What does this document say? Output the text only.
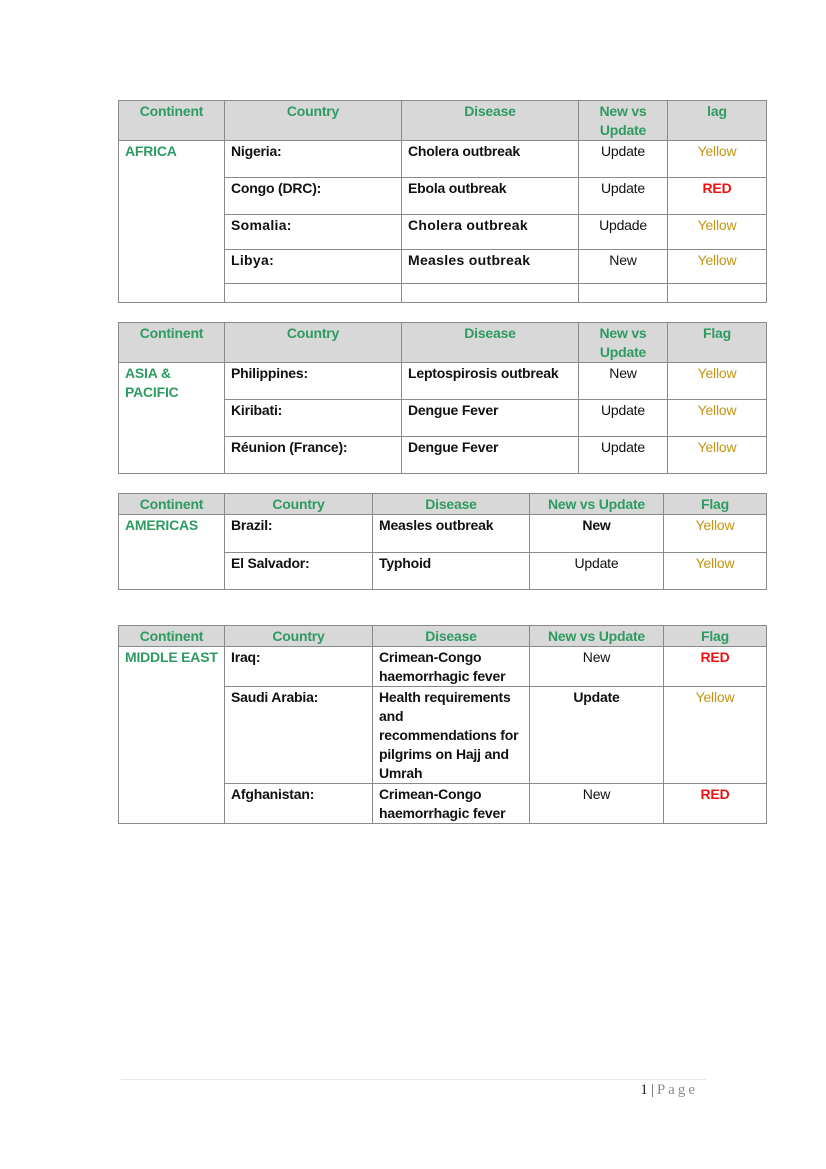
Continent	Country	Disease	New vs Update	lag
AFRICA	Nigeria:	Cholera outbreak	Update	Yellow
	Congo (DRC):	Ebola outbreak	Update	RED
	Somalia:	Cholera outbreak	Updade	Yellow
	Libya:	Measles outbreak	New	Yellow

Continent	Country	Disease	New vs Update	Flag
ASIA & PACIFIC	Philippines:	Leptospirosis outbreak	New	Yellow
	Kiribati:	Dengue Fever	Update	Yellow
	Réunion (France):	Dengue Fever	Update	Yellow
Continent	Country	Disease	New vs Update	Flag
AMERICAS	Brazil:	Measles outbreak	New	Yellow
	El Salvador:	Typhoid	Update	Yellow
Continent	Country	Disease	New vs Update	Flag
MIDDLE EAST	Iraq:	Crimean-Congo haemorrhagic fever	New	RED
	Saudi Arabia:	Health requirements and recommendations for pilgrims on Hajj and Umrah	Update	Yellow
	Afghanistan:	Crimean-Congo haemorrhagic fever	New	RED
1 | Page
